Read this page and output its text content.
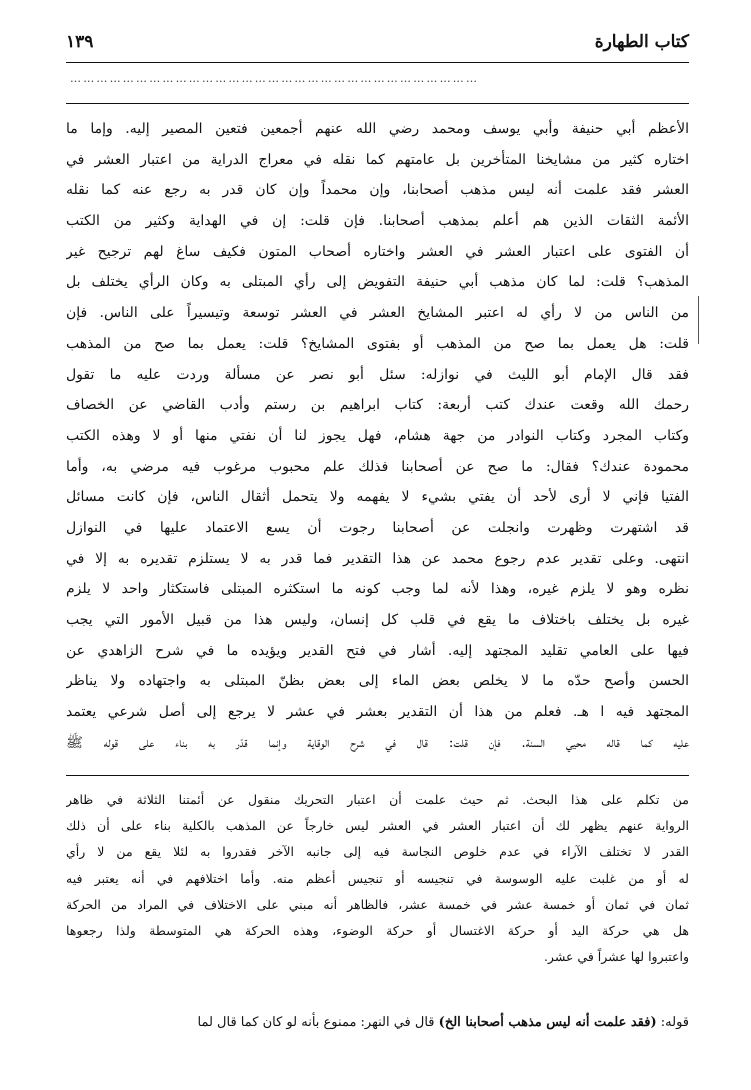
كتاب الطهارة
١٣٩
…………………………………………………………………………………
الأعظم أبي حنيفة وأبي يوسف ومحمد رضي الله عنهم أجمعين فتعين المصير إليه. وإما ما
اختاره كثير من مشايخنا المتأخرين بل عامتهم كما نقله في معراج الدراية من اعتبار العشر في
العشر فقد علمت أنه ليس مذهب أصحابنا، وإن محمداً وإن كان قدر به رجع عنه كما نقله
الأئمة الثقات الذين هم أعلم بمذهب أصحابنا. فإن قلت: إن في الهداية وكثير من الكتب
أن الفتوى على اعتبار العشر في العشر واختاره أصحاب المتون فكيف ساغ لهم ترجيح غير
المذهب؟ قلت: لما كان مذهب أبي حنيفة التفويض إلى رأي المبتلى به وكان الرأي يختلف بل
من الناس من لا رأي له اعتبر المشايخ العشر في العشر توسعة وتيسيراً على الناس. فإن
قلت: هل يعمل بما صح من المذهب أو بفتوى المشايخ؟ قلت: يعمل بما صح من المذهب
فقد قال الإمام أبو الليث في نوازله: سئل أبو نصر عن مسألة وردت عليه ما تقول
رحمك الله وقعت عندك كتب أربعة: كتاب ابراهيم بن رستم وأدب القاضي عن الخصاف
وكتاب المجرد وكتاب النوادر من جهة هشام، فهل يجوز لنا أن نفتي منها أو لا وهذه الكتب
محمودة عندك؟ فقال: ما صح عن أصحابنا فذلك علم محبوب مرغوب فيه مرضي به، وأما
الفتيا فإني لا أرى لأحد أن يفتي بشيء لا يفهمه ولا يتحمل أثقال الناس، فإن كانت مسائل
قد اشتهرت وظهرت وانجلت عن أصحابنا رجوت أن يسع الاعتماد عليها في النوازل
انتهى. وعلى تقدير عدم رجوع محمد عن هذا التقدير فما قدر به لا يستلزم تقديره به إلا في
نظره وهو لا يلزم غيره، وهذا لأنه لما وجب كونه ما استكثره المبتلى فاستكثار واحد لا يلزم
غيره بل يختلف باختلاف ما يقع في قلب كل إنسان، وليس هذا من قبيل الأمور التي يجب
فيها على العامي تقليد المجتهد إليه. أشار في فتح القدير ويؤيده ما في شرح الزاهدي عن
الحسن وأصح حدّه ما لا يخلص بعض الماء إلى بعض بظنّ المبتلى به واجتهاده ولا يناظر
المجتهد فيه ا هـ. فعلم من هذا أن التقدير بعشر في عشر لا يرجع إلى أصل شرعي يعتمد
عليه كما قاله محيي السنة. فإن قلت: قال في شرح الوقاية وإنما قدّر به بناء على قوله ﷺ
من تكلم على هذا البحث. ثم حيث علمت أن اعتبار التحريك منقول عن أئمتنا الثلاثة في ظاهر
الرواية عنهم يظهر لك أن اعتبار العشر في العشر ليس خارجاً عن المذهب بالكلية بناء على أن ذلك
القدر لا تختلف الآراء في عدم خلوص النجاسة فيه إلى جانبه الآخر فقدروا به لئلا يقع من لا رأي
له أو من غلبت عليه الوسوسة في تنجيسه أو تنجيس أعظم منه. وأما اختلافهم في أنه يعتبر فيه
ثمان في ثمان أو خمسة عشر في خمسة عشر، فالظاهر أنه مبني على الاختلاف في المراد من الحركة
هل هي حركة اليد أو حركة الاغتسال أو حركة الوضوء، وهذه الحركة هي المتوسطة ولذا رجعوها
واعتبروا لها عشراً في عشر.
قوله: (فقد علمت أنه ليس مذهب أصحابنا الخ) قال في النهر: ممنوع بأنه لو كان كما قال لما
